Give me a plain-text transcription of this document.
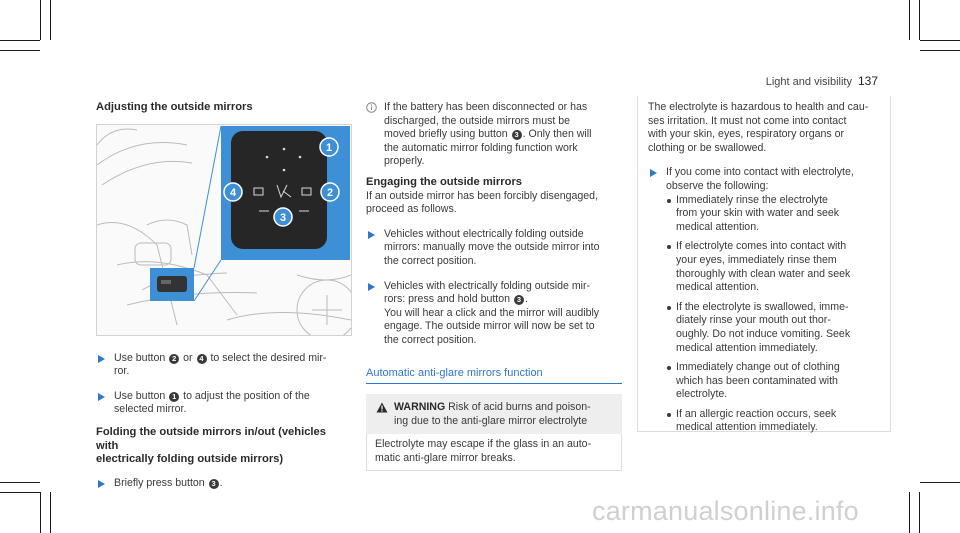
Light and visibility 137

Adjusting the outside mirrors

1
2
3
4

Use button 2 or 4 to select the desired mir-
ror.

Use button 1 to adjust the position of the
selected mirror.

Folding the outside mirrors in/out (vehicles with
electrically folding outside mirrors)

Briefly press button 3 .

If the battery has been disconnected or has
discharged, the outside mirrors must be
moved briefly using button 3 . Only then will
the automatic mirror folding function work
properly.

Engaging the outside mirrors

If an outside mirror has been forcibly disengaged,
proceed as follows.

Vehicles without electrically folding outside
mirrors: manually move the outside mirror into
the correct position.

Vehicles with electrically folding outside mir-
rors: press and hold button 3 .
You will hear a click and the mirror will audibly
engage. The outside mirror will now be set to
the correct position.

Automatic anti-glare mirrors function

WARNING Risk of acid burns and poison-
ing due to the anti-glare mirror electrolyte
Electrolyte may escape if the glass in an auto-
matic anti-glare mirror breaks.

The electrolyte is hazardous to health and cau-
ses irritation. It must not come into contact
with your skin, eyes, respiratory organs or
clothing or be swallowed.

If you come into contact with electrolyte,
observe the following:

Immediately rinse the electrolyte
from your skin with water and seek
medical attention.

If electrolyte comes into contact with
your eyes, immediately rinse them
thoroughly with clean water and seek
medical attention.

If the electrolyte is swallowed, imme-
diately rinse your mouth out thor-
oughly. Do not induce vomiting. Seek
medical attention immediately.

Immediately change out of clothing
which has been contaminated with
electrolyte.

If an allergic reaction occurs, seek
medical attention immediately.

carmanualsonline.info
